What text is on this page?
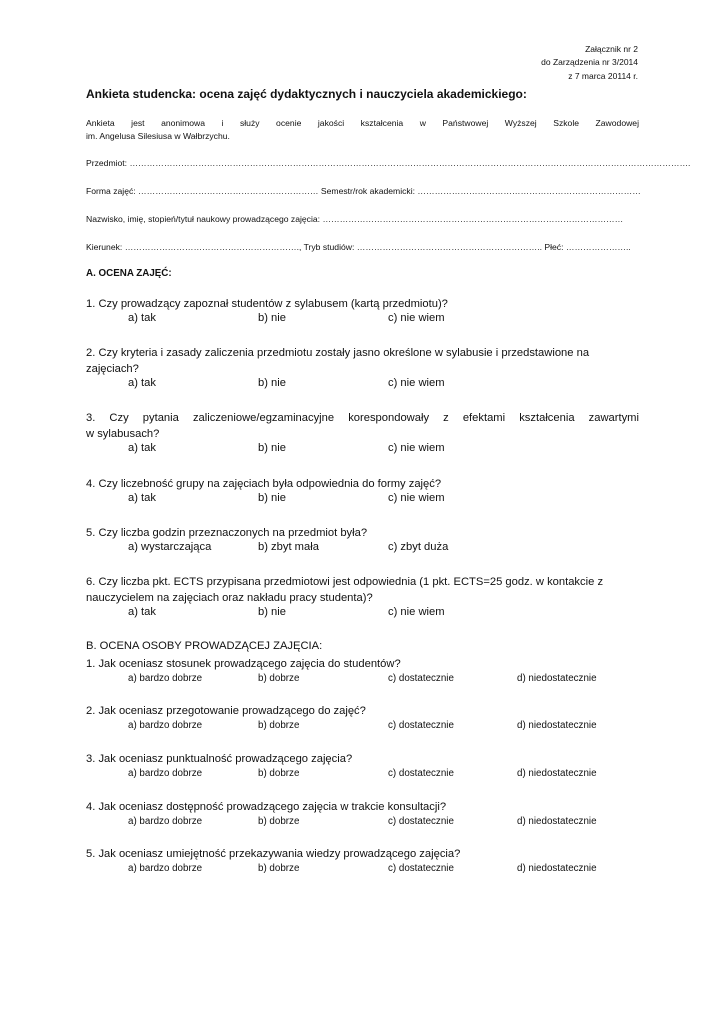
Załącznik nr 2
do Zarządzenia nr 3/2014
z 7 marca 20114 r.
Ankieta studencka: ocena zajęć dydaktycznych i nauczyciela akademickiego:
Ankieta jest anonimowa i służy ocenie jakości kształcenia w Państwowej Wyższej Szkole Zawodowej
im. Angelusa Silesiusa w Wałbrzychu.
Przedmiot: …………………………………………………………………………………………………………………………………………………………………………….
Forma zajęć: ……………………………………………………… Semestr/rok akademicki: ……………………………………………………………………
Nazwisko, imię, stopień/tytuł naukowy prowadzącego zajęcia: ……………………………………………………………………………………………
Kierunek: ……………………………………………………., Tryb studiów: ……………………………………………………….. Płeć: …………………..
A. OCENA ZAJĘĆ:
1. Czy prowadzący zapoznał studentów z sylabusem (kartą przedmiotu)?
a) tak	b) nie	c) nie wiem
2. Czy kryteria i zasady zaliczenia przedmiotu zostały jasno określone w sylabusie i przedstawione na zajęciach?
a) tak	b) nie	c) nie wiem
3. Czy pytania zaliczeniowe/egzaminacyjne korespondowały z efektami kształcenia zawartymi
w sylabusach?
a) tak	b) nie	c) nie wiem
4. Czy liczebność grupy na zajęciach była odpowiednia do formy zajęć?
a) tak	b) nie	c) nie wiem
5. Czy liczba godzin przeznaczonych na przedmiot była?
a) wystarczająca	b) zbyt mała	c) zbyt duża
6. Czy liczba pkt. ECTS przypisana przedmiotowi jest odpowiednia (1 pkt. ECTS=25 godz. w kontakcie z nauczycielem na zajęciach oraz nakładu pracy studenta)?
a) tak	b) nie	c) nie wiem
B. OCENA OSOBY PROWADZĄCEJ ZAJĘCIA:
1. Jak oceniasz stosunek prowadzącego zajęcia do studentów?
a) bardzo dobrze	b) dobrze	c) dostatecznie	d) niedostatecznie
2. Jak oceniasz przegotowanie prowadzącego do zajęć?
a) bardzo dobrze	b) dobrze	c) dostatecznie	d) niedostatecznie
3. Jak oceniasz punktualność prowadzącego zajęcia?
a) bardzo dobrze	b) dobrze	c) dostatecznie	d) niedostatecznie
4. Jak oceniasz dostępność prowadzącego zajęcia w trakcie konsultacji?
a) bardzo dobrze	b) dobrze	c) dostatecznie	d) niedostatecznie
5. Jak oceniasz umiejętność przekazywania wiedzy prowadzącego zajęcia?
a) bardzo dobrze	b) dobrze	c) dostatecznie	d) niedostatecznie
